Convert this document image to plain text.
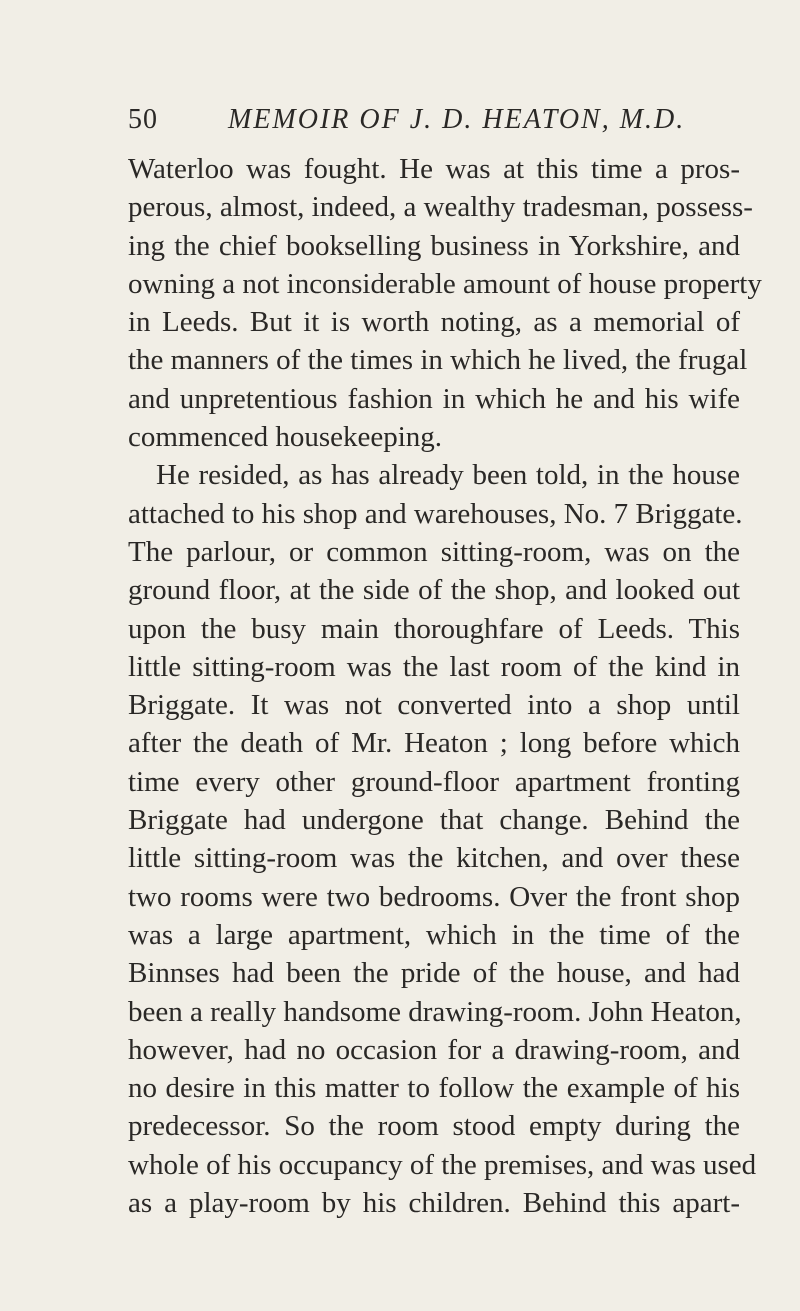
50	MEMOIR OF J. D. HEATON, M.D.
Waterloo was fought. He was at this time a pros-
perous, almost, indeed, a wealthy tradesman, possess-
ing the chief bookselling business in Yorkshire, and
owning a not inconsiderable amount of house property
in Leeds. But it is worth noting, as a memorial of
the manners of the times in which he lived, the frugal
and unpretentious fashion in which he and his wife
commenced housekeeping.
He resided, as has already been told, in the house
attached to his shop and warehouses, No. 7 Briggate.
The parlour, or common sitting-room, was on the
ground floor, at the side of the shop, and looked out
upon the busy main thoroughfare of Leeds. This
little sitting-room was the last room of the kind in
Briggate. It was not converted into a shop until
after the death of Mr. Heaton ; long before which
time every other ground-floor apartment fronting
Briggate had undergone that change. Behind the
little sitting-room was the kitchen, and over these
two rooms were two bedrooms. Over the front shop
was a large apartment, which in the time of the
Binnses had been the pride of the house, and had
been a really handsome drawing-room. John Heaton,
however, had no occasion for a drawing-room, and
no desire in this matter to follow the example of his
predecessor. So the room stood empty during the
whole of his occupancy of the premises, and was used
as a play-room by his children. Behind this apart-
